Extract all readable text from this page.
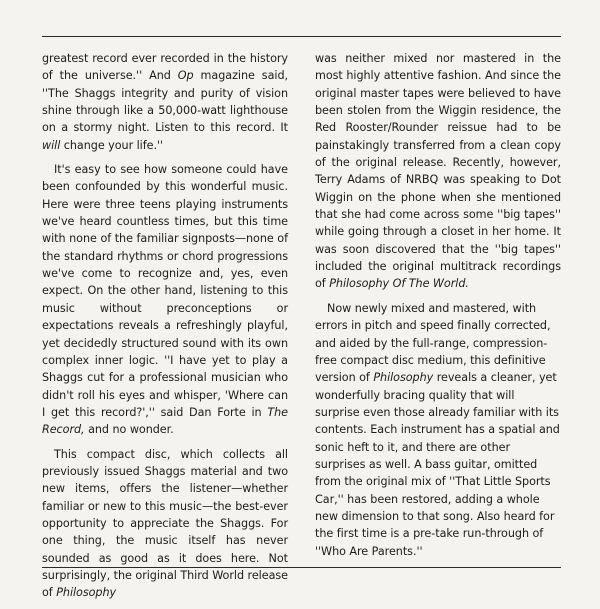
greatest record ever recorded in the history of the universe.'' And Op magazine said, ''The Shaggs integrity and purity of vision shine through like a 50,000-watt lighthouse on a stormy night. Listen to this record. It will change your life.''

It's easy to see how someone could have been confounded by this wonderful music. Here were three teens playing instruments we've heard countless times, but this time with none of the familiar signposts—none of the standard rhythms or chord progressions we've come to recognize and, yes, even expect. On the other hand, listening to this music without preconceptions or expectations reveals a refreshingly playful, yet decidedly structured sound with its own complex inner logic. ''I have yet to play a Shaggs cut for a professional musician who didn't roll his eyes and whisper, 'Where can I get this record?','' said Dan Forte in The Record, and no wonder.

This compact disc, which collects all previously issued Shaggs material and two new items, offers the listener—whether familiar or new to this music—the best-ever opportunity to appreciate the Shaggs. For one thing, the music itself has never sounded as good as it does here. Not surprisingly, the original Third World release of Philosophy

was neither mixed nor mastered in the most highly attentive fashion. And since the original master tapes were believed to have been stolen from the Wiggin residence, the Red Rooster/Rounder reissue had to be painstakingly transferred from a clean copy of the original release. Recently, however, Terry Adams of NRBQ was speaking to Dot Wiggin on the phone when she mentioned that she had come across some ''big tapes'' while going through a closet in her home. It was soon discovered that the ''big tapes'' included the original multitrack recordings of Philosophy Of The World.

Now newly mixed and mastered, with errors in pitch and speed finally corrected, and aided by the full-range, compression-free compact disc medium, this definitive version of Philosophy reveals a cleaner, yet wonderfully bracing quality that will surprise even those already familiar with its contents. Each instrument has a spatial and sonic heft to it, and there are other surprises as well. A bass guitar, omitted from the original mix of ''That Little Sports Car,'' has been restored, adding a whole new dimension to that song. Also heard for the first time is a pre-take run-through of ''Who Are Parents.''
